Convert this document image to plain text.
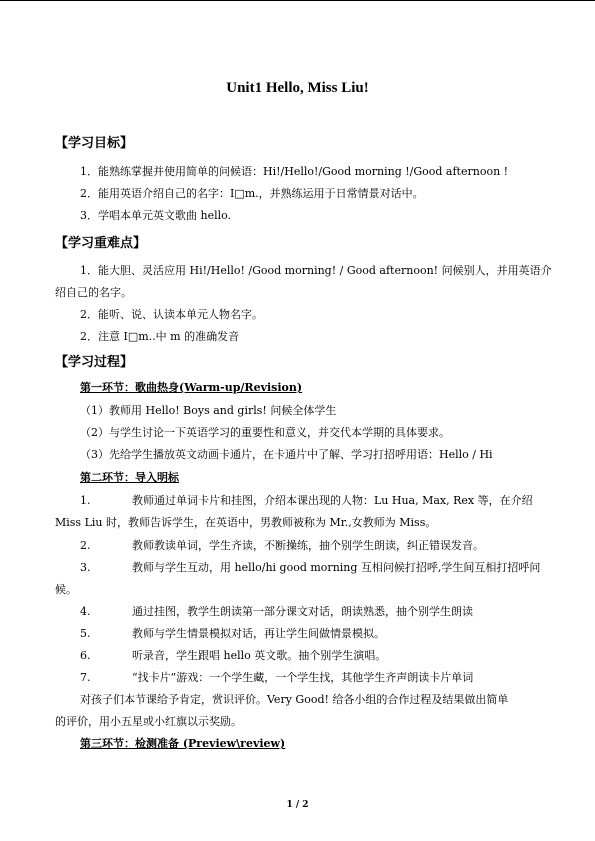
Unit1 Hello, Miss Liu!
【学习目标】
1．能熟练掌握并使用简单的问候语：Hi!/Hello!/Good morning !/Good afternoon !
2．能用英语介绍自己的名字：I□m.，并熟练运用于日常情景对话中。
3．学唱本单元英文歌曲 hello.
【学习重难点】
1．能大胆、灵活应用 Hi!/Hello! /Good morning! / Good afternoon! 问候别人，并用英语介
绍自己的名字。
2．能听、说、认读本单元人物名字。
2．注意 I□m..中 m 的准确发音
【学习过程】
第一环节：歌曲热身(Warm-up/Revision)
（1）教师用 Hello! Boys and girls! 问候全体学生
（2）与学生讨论一下英语学习的重要性和意义，并交代本学期的具体要求。
（3）先给学生播放英文动画卡通片，在卡通片中了解、学习打招呼用语：Hello / Hi
第二环节：导入明标
1.	教师通过单词卡片和挂图，介绍本课出现的人物：Lu Hua, Max, Rex 等，在介绍
Miss Liu 时，教师告诉学生，在英语中，男教师被称为 Mr.,女教师为 Miss。
2.	教师教读单词，学生齐读，不断操练，抽个别学生朗读，纠正错误发音。
3.	教师与学生互动，用 hello/hi good morning 互相问候打招呼,学生间互相打招呼问
候。
4.	通过挂图，教学生朗读第一部分课文对话，朗读熟悉，抽个别学生朗读
5.	教师与学生情景模拟对话，再让学生间做情景模拟。
6.	听录音，学生跟唱 hello 英文歌。抽个别学生演唱。
7.	“找卡片”游戏：一个学生藏，一个学生找，其他学生齐声朗读卡片单词
对孩子们本节课给予肯定，赏识评价。Very Good! 给各小组的合作过程及结果做出简单
的评价，用小五星或小红旗以示奖励。
第三环节：检测准备 (Preview\review)
1 / 2
